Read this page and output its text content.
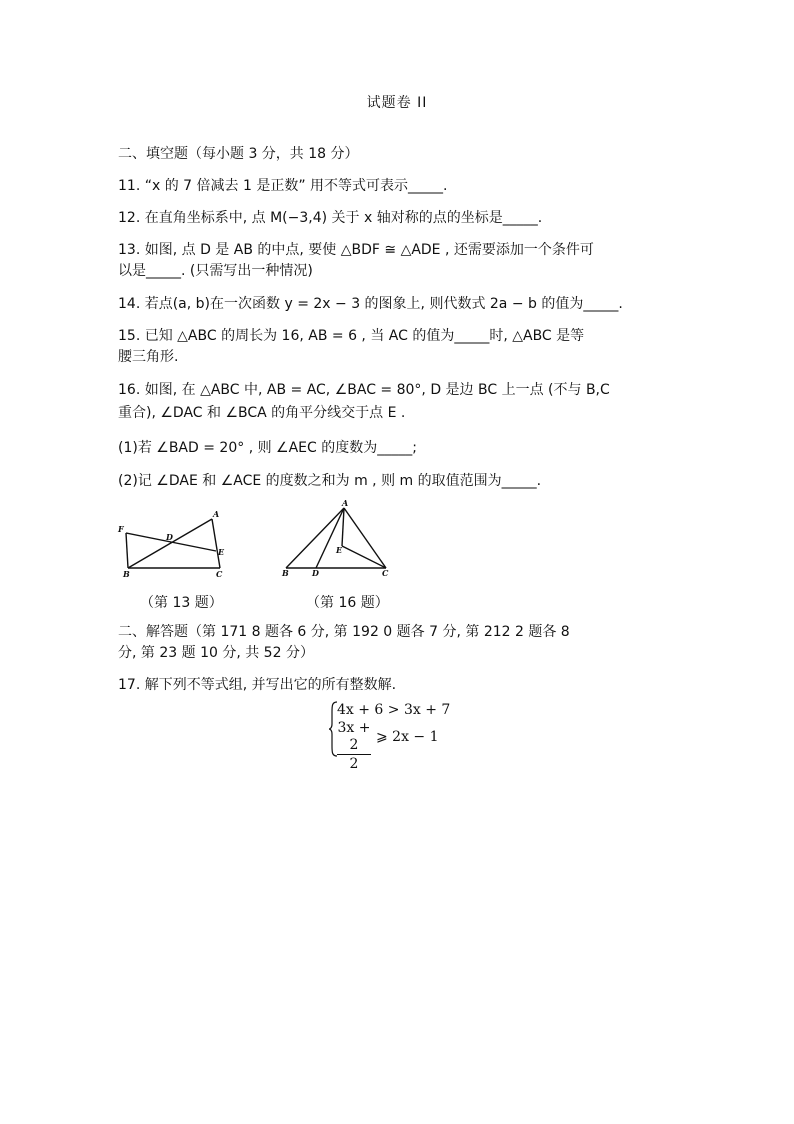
试题卷 II
二、填空题（每小题 3 分，共 18 分）
11. “x 的 7 倍减去 1 是正数” 用不等式可表示_____.
12. 在直角坐标系中, 点 M(−3,4) 关于 x 轴对称的点的坐标是_____.
13. 如图, 点 D 是 AB 的中点, 要使 △BDF ≅ △ADE , 还需要添加一个条件可
以是_____. (只需写出一种情况)
14. 若点(a, b)在一次函数 y = 2x − 3 的图象上, 则代数式 2a − b 的值为_____.
15. 已知 △ABC 的周长为 16, AB = 6 , 当 AC 的值为_____时, △ABC 是等
腰三角形.
16. 如图, 在 △ABC 中, AB = AC, ∠BAC = 80°, D 是边 BC 上一点 (不与 B,C
重合), ∠DAC 和 ∠BCA 的角平分线交于点 E .
(1)若 ∠BAD = 20° , 则 ∠AEC 的度数为_____;
(2)记 ∠DAE 和 ∠ACE 的度数之和为 m , 则 m 的取值范围为_____.
F
A
D
E
B	C
A
E
B	D	C
（第 13 题）	（第 16 题）
二、解答题（第 171 8 题各 6 分, 第 192 0 题各 7 分, 第 212 2 题各 8
分, 第 23 题 10 分, 共 52 分）
17. 解下列不等式组, 并写出它的所有整数解.
4x + 6 > 3x + 7
$\frac{3x + 2}{2}$ ⩾ 2x − 1
